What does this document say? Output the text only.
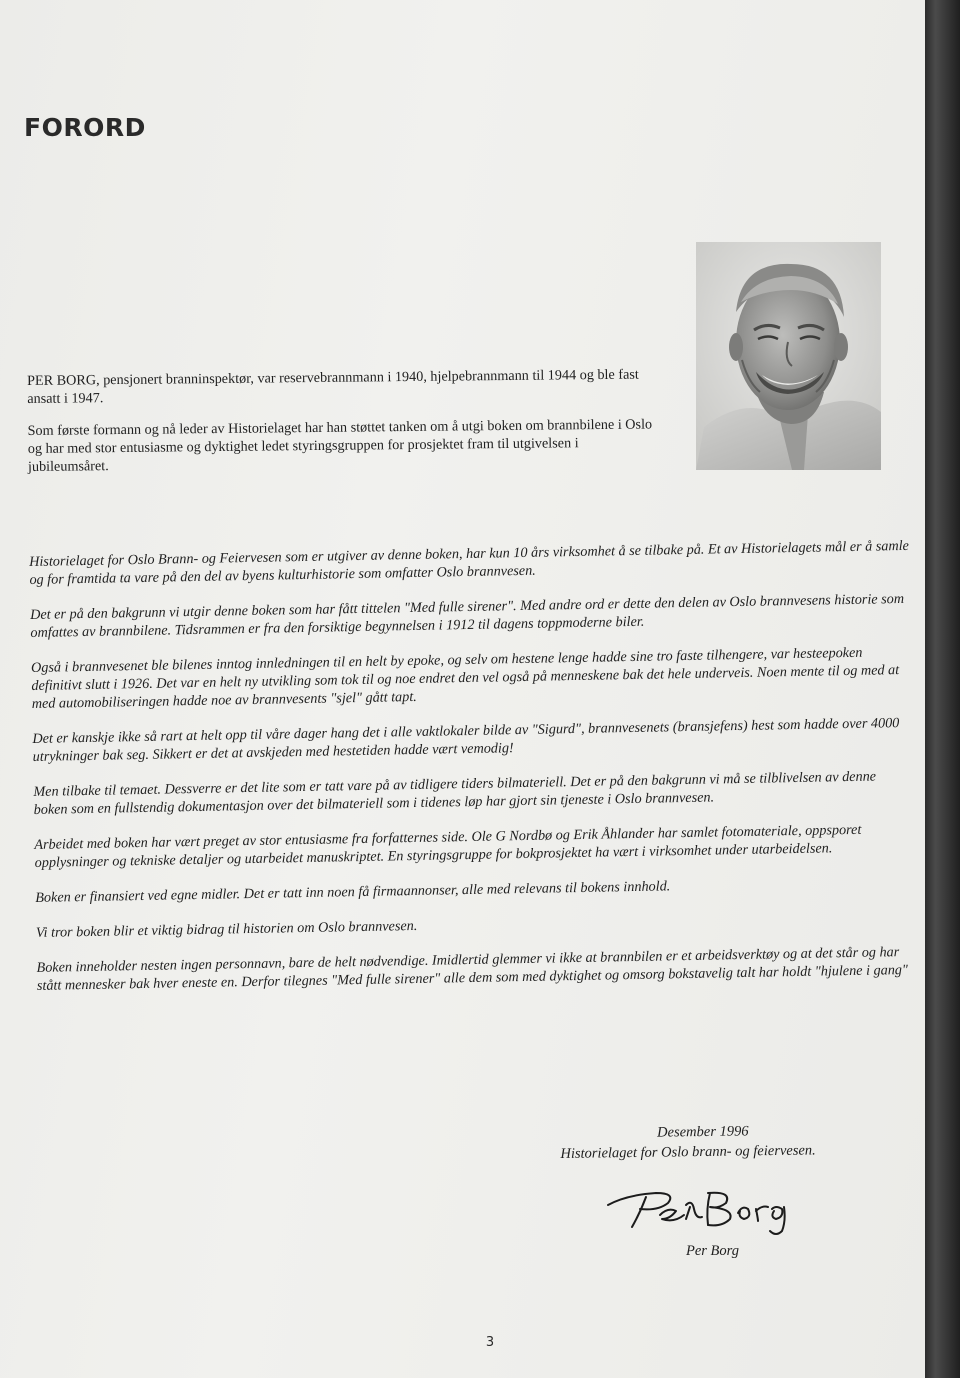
FORORD

PER BORG, pensjonert branninspektør, var reservebrannmann i 1940, hjelpebrannmann til 1944 og ble fast ansatt i 1947.

Som første formann og nå leder av Historielaget har han støttet tanken om å utgi boken om brannbilene i Oslo og har med stor entusiasme og dyktighet ledet styringsgruppen for prosjektet fram til utgivelsen i jubileumsåret.

Historielaget for Oslo Brann- og Feiervesen som er utgiver av denne boken, har kun 10 års virksomhet å se tilbake på. Et av Historielagets mål er å samle og for framtida ta vare på den del av byens kulturhistorie som omfatter Oslo brannvesen.

Det er på den bakgrunn vi utgir denne boken som har fått tittelen "Med fulle sirener". Med andre ord er dette den delen av Oslo brannvesens historie som omfattes av brannbilene. Tidsrammen er fra den forsiktige begynnelsen i 1912 til dagens toppmoderne biler.

Også i brannvesenet ble bilenes inntog innledningen til en helt by epoke, og selv om hestene lenge hadde sine tro faste tilhengere, var hesteepoken definitivt slutt i 1926. Det var en helt ny utvikling som tok til og noe endret den vel også på menneskene bak det hele underveis. Noen mente til og med at med automobiliseringen hadde noe av brannvesents "sjel" gått tapt.

Det er kanskje ikke så rart at helt opp til våre dager hang det i alle vaktlokaler bilde av "Sigurd", brannvesenets (bransjefens) hest som hadde over 4000 utrykninger bak seg. Sikkert er det at avskjeden med hestetiden hadde vært vemodig!

Men tilbake til temaet. Dessverre er det lite som er tatt vare på av tidligere tiders bilmateriell. Det er på den bakgrunn vi må se tilblivelsen av denne boken som en fullstendig dokumentasjon over det bilmateriell som i tidenes løp har gjort sin tjeneste i Oslo brannvesen.

Arbeidet med boken har vært preget av stor entusiasme fra forfatternes side. Ole G Nordbø og Erik Åhlander har samlet fotomateriale, oppsporet opplysninger og tekniske detaljer og utarbeidet manuskriptet. En styringsgruppe for bokprosjektet ha vært i virksomhet under utarbeidelsen.

Boken er finansiert ved egne midler. Det er tatt inn noen få firmaannonser, alle med relevans til bokens innhold.

Vi tror boken blir et viktig bidrag til historien om Oslo brannvesen.

Boken inneholder nesten ingen personnavn, bare de helt nødvendige. Imidlertid glemmer vi ikke at brannbilen er et arbeidsverktøy og at det står og har stått mennesker bak hver eneste en. Derfor tilegnes "Med fulle sirener" alle dem som med dyktighet og omsorg bokstavelig talt har holdt "hjulene i gang"

Desember 1996
Historielaget for Oslo brann- og feiervesen.
Per Borg
3
